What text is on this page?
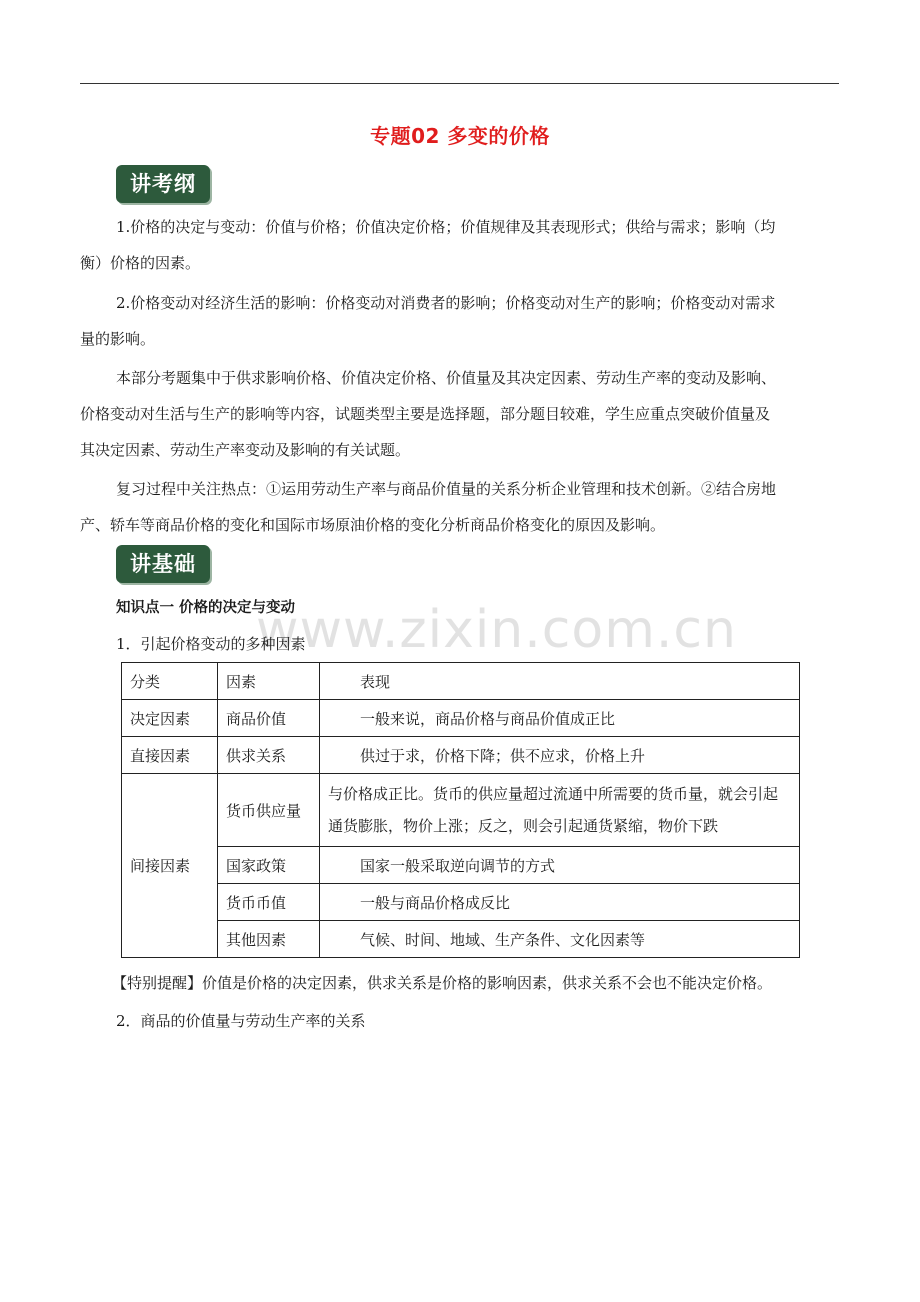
专题02 多变的价格
讲考纲
1.价格的决定与变动：价值与价格；价值决定价格；价值规律及其表现形式；供给与需求；影响（均
衡）价格的因素。
2.价格变动对经济生活的影响：价格变动对消费者的影响；价格变动对生产的影响；价格变动对需求
量的影响。
本部分考题集中于供求影响价格、价值决定价格、价值量及其决定因素、劳动生产率的变动及影响、
价格变动对生活与生产的影响等内容，试题类型主要是选择题，部分题目较难，学生应重点突破价值量及
其决定因素、劳动生产率变动及影响的有关试题。
复习过程中关注热点：①运用劳动生产率与商品价值量的关系分析企业管理和技术创新。②结合房地
产、轿车等商品价格的变化和国际市场原油价格的变化分析商品价格变化的原因及影响。
讲基础
www.zixin.com.cn
知识点一 价格的决定与变动
1．引起价格变动的多种因素
分类	因素	表现
决定因素	商品价值	一般来说，商品价格与商品价值成正比
直接因素	供求关系	供过于求，价格下降；供不应求，价格上升
间接因素	货币供应量	与价格成正比。货币的供应量超过流通中所需要的货币量，就会引起通货膨胀，物价上涨；反之，则会引起通货紧缩，物价下跌
	国家政策	国家一般采取逆向调节的方式
	货币币值	一般与商品价格成反比
	其他因素	气候、时间、地域、生产条件、文化因素等
【特别提醒】价值是价格的决定因素，供求关系是价格的影响因素，供求关系不会也不能决定价格。
2．商品的价值量与劳动生产率的关系
